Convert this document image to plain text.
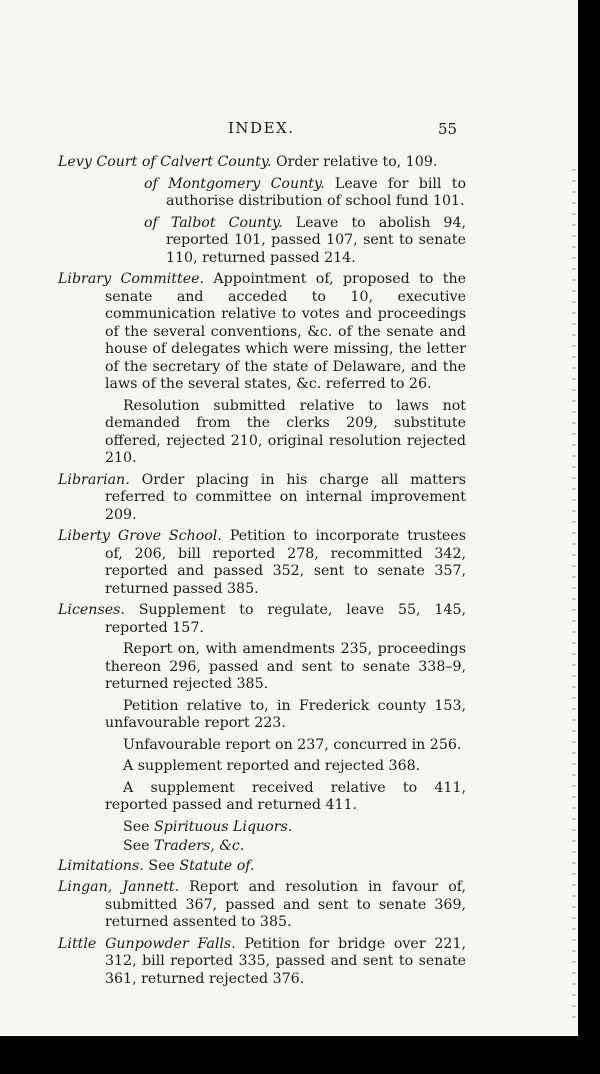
INDEX.	55

Levy Court of Calvert County. Order relative to, 109.

of Montgomery County. Leave for bill to authorise distribution of school fund 101.

of Talbot County. Leave to abolish 94, reported 101, passed 107, sent to senate 110, returned passed 214.

Library Committee. Appointment of, proposed to the senate and acceded to 10, executive communication relative to votes and proceedings of the several conventions, &c. of the senate and house of delegates which were missing, the letter of the secretary of the state of Delaware, and the laws of the several states, &c. referred to 26.

Resolution submitted relative to laws not demanded from the clerks 209, substitute offered, rejected 210, original resolution rejected 210.

Librarian. Order placing in his charge all matters referred to committee on internal improvement 209.

Liberty Grove School. Petition to incorporate trustees of, 206, bill reported 278, recommitted 342, reported and passed 352, sent to senate 357, returned passed 385.

Licenses. Supplement to regulate, leave 55, 145, reported 157.

Report on, with amendments 235, proceedings thereon 296, passed and sent to senate 338–9, returned rejected 385.

Petition relative to, in Frederick county 153, unfavourable report 223.

Unfavourable report on 237, concurred in 256.

A supplement reported and rejected 368.

A supplement received relative to 411, reported passed and returned 411.

See Spirituous Liquors.

See Traders, &c.

Limitations. See Statute of.

Lingan, Jannett. Report and resolution in favour of, submitted 367, passed and sent to senate 369, returned assented to 385.

Little Gunpowder Falls. Petition for bridge over 221, 312, bill reported 335, passed and sent to senate 361, returned rejected 376.
